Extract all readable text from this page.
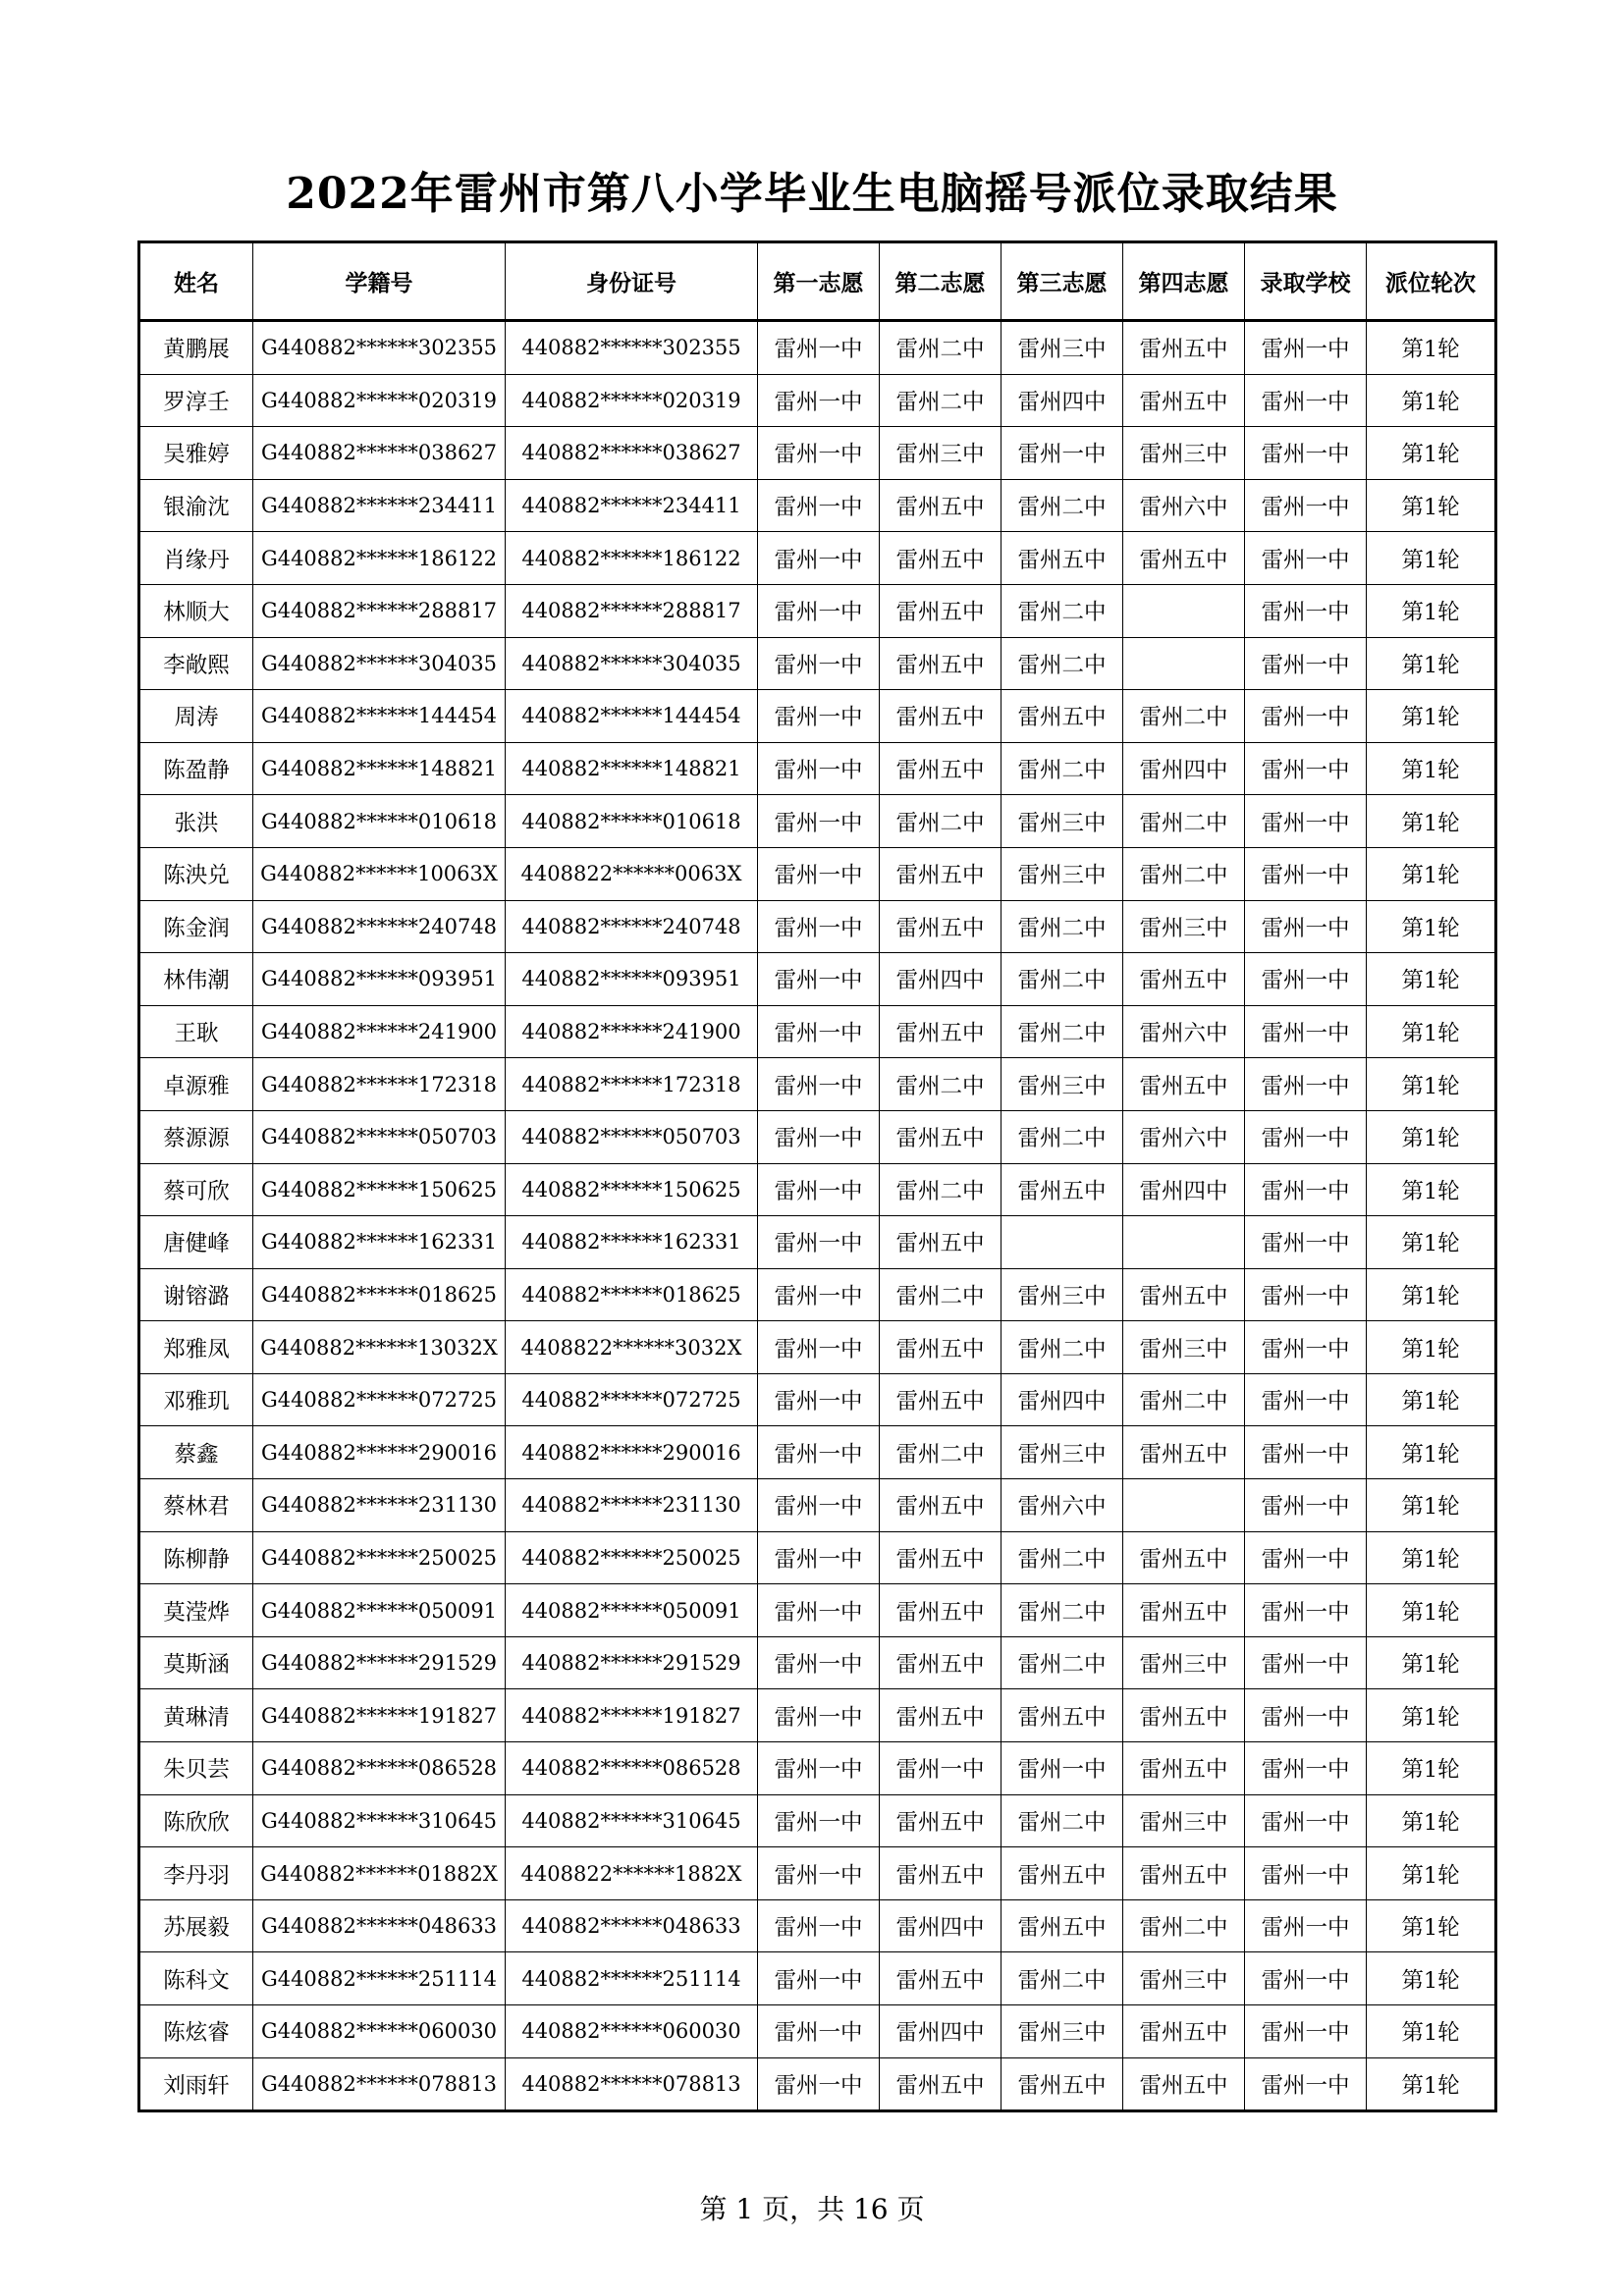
2022年雷州市第八小学毕业生电脑摇号派位录取结果
姓名	学籍号	身份证号	第一志愿	第二志愿	第三志愿	第四志愿	录取学校	派位轮次
黄鹏展	G440882******302355	440882******302355	雷州一中	雷州二中	雷州三中	雷州五中	雷州一中	第1轮
罗淳壬	G440882******020319	440882******020319	雷州一中	雷州二中	雷州四中	雷州五中	雷州一中	第1轮
吴雅婷	G440882******038627	440882******038627	雷州一中	雷州三中	雷州一中	雷州三中	雷州一中	第1轮
银渝沈	G440882******234411	440882******234411	雷州一中	雷州五中	雷州二中	雷州六中	雷州一中	第1轮
肖缘丹	G440882******186122	440882******186122	雷州一中	雷州五中	雷州五中	雷州五中	雷州一中	第1轮
林顺大	G440882******288817	440882******288817	雷州一中	雷州五中	雷州二中		雷州一中	第1轮
李敞熙	G440882******304035	440882******304035	雷州一中	雷州五中	雷州二中		雷州一中	第1轮
周涛	G440882******144454	440882******144454	雷州一中	雷州五中	雷州五中	雷州二中	雷州一中	第1轮
陈盈静	G440882******148821	440882******148821	雷州一中	雷州五中	雷州二中	雷州四中	雷州一中	第1轮
张洪	G440882******010618	440882******010618	雷州一中	雷州二中	雷州三中	雷州二中	雷州一中	第1轮
陈泱兑	G440882******10063X	4408822******0063X	雷州一中	雷州五中	雷州三中	雷州二中	雷州一中	第1轮
陈金润	G440882******240748	440882******240748	雷州一中	雷州五中	雷州二中	雷州三中	雷州一中	第1轮
林伟潮	G440882******093951	440882******093951	雷州一中	雷州四中	雷州二中	雷州五中	雷州一中	第1轮
王耿	G440882******241900	440882******241900	雷州一中	雷州五中	雷州二中	雷州六中	雷州一中	第1轮
卓源雅	G440882******172318	440882******172318	雷州一中	雷州二中	雷州三中	雷州五中	雷州一中	第1轮
蔡源源	G440882******050703	440882******050703	雷州一中	雷州五中	雷州二中	雷州六中	雷州一中	第1轮
蔡可欣	G440882******150625	440882******150625	雷州一中	雷州二中	雷州五中	雷州四中	雷州一中	第1轮
唐健峰	G440882******162331	440882******162331	雷州一中	雷州五中			雷州一中	第1轮
谢镕潞	G440882******018625	440882******018625	雷州一中	雷州二中	雷州三中	雷州五中	雷州一中	第1轮
郑雅凤	G440882******13032X	4408822******3032X	雷州一中	雷州五中	雷州二中	雷州三中	雷州一中	第1轮
邓雅玑	G440882******072725	440882******072725	雷州一中	雷州五中	雷州四中	雷州二中	雷州一中	第1轮
蔡鑫	G440882******290016	440882******290016	雷州一中	雷州二中	雷州三中	雷州五中	雷州一中	第1轮
蔡林君	G440882******231130	440882******231130	雷州一中	雷州五中	雷州六中		雷州一中	第1轮
陈柳静	G440882******250025	440882******250025	雷州一中	雷州五中	雷州二中	雷州五中	雷州一中	第1轮
莫滢烨	G440882******050091	440882******050091	雷州一中	雷州五中	雷州二中	雷州五中	雷州一中	第1轮
莫斯涵	G440882******291529	440882******291529	雷州一中	雷州五中	雷州二中	雷州三中	雷州一中	第1轮
黄琳清	G440882******191827	440882******191827	雷州一中	雷州五中	雷州五中	雷州五中	雷州一中	第1轮
朱贝芸	G440882******086528	440882******086528	雷州一中	雷州一中	雷州一中	雷州五中	雷州一中	第1轮
陈欣欣	G440882******310645	440882******310645	雷州一中	雷州五中	雷州二中	雷州三中	雷州一中	第1轮
李丹羽	G440882******01882X	4408822******1882X	雷州一中	雷州五中	雷州五中	雷州五中	雷州一中	第1轮
苏展毅	G440882******048633	440882******048633	雷州一中	雷州四中	雷州五中	雷州二中	雷州一中	第1轮
陈科文	G440882******251114	440882******251114	雷州一中	雷州五中	雷州二中	雷州三中	雷州一中	第1轮
陈炫睿	G440882******060030	440882******060030	雷州一中	雷州四中	雷州三中	雷州五中	雷州一中	第1轮
刘雨轩	G440882******078813	440882******078813	雷州一中	雷州五中	雷州五中	雷州五中	雷州一中	第1轮
第 1 页，共 16 页
